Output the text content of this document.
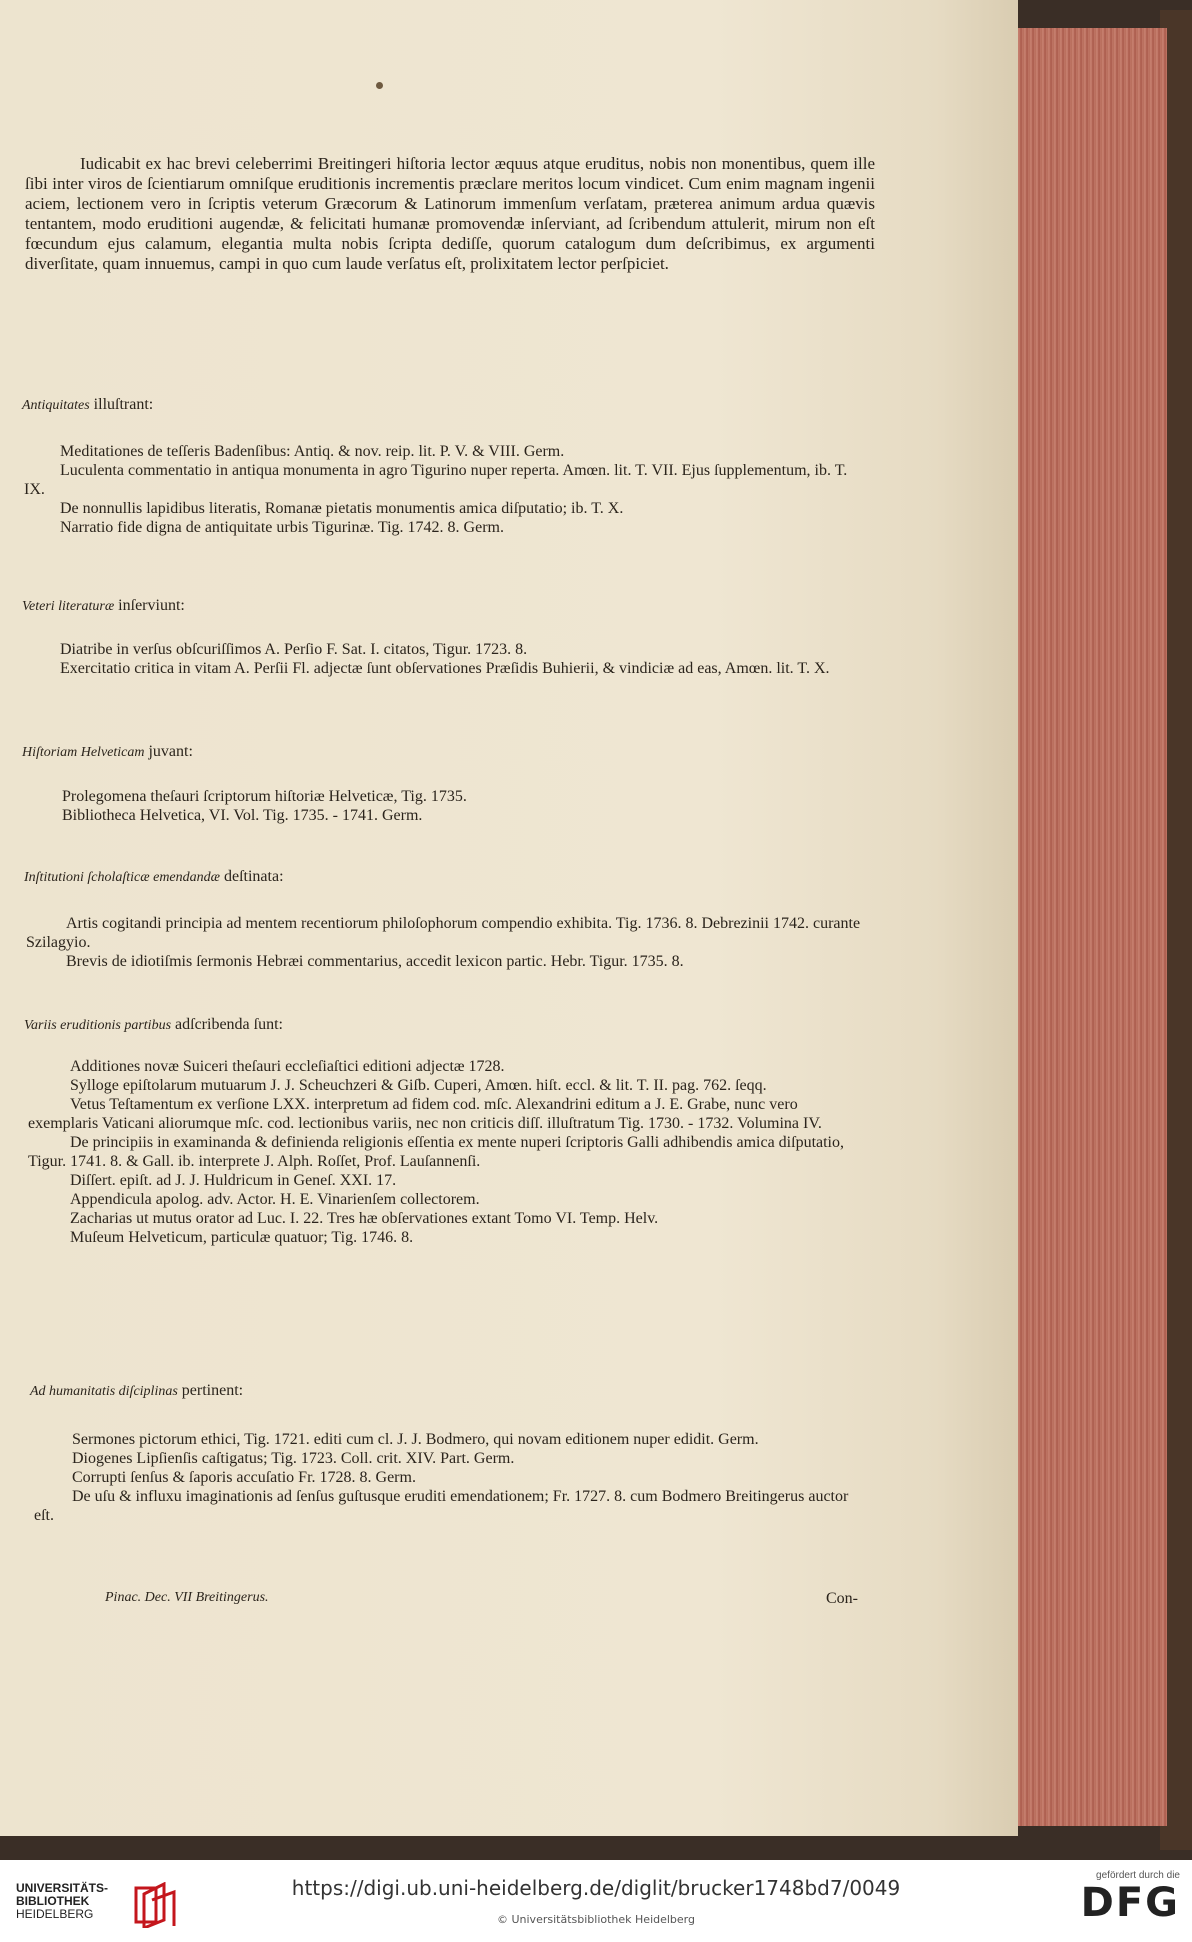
Iudicabit ex hac brevi celeberrimi Breitingeri hiſtoria lector æquus atque eruditus, nobis non monentibus, quem ille ſibi inter viros de ſcientiarum omniſque eruditionis incrementis præclare meritos locum vindicet. Cum enim magnam ingenii aciem, lectionem vero in ſcriptis veterum Græcorum & Latinorum immenſum verſatam, præterea animum ardua quævis tentantem, modo eruditioni augendæ, & felicitati humanæ promovendæ inſerviant, ad ſcribendum attulerit, mirum non eſt fœcundum ejus calamum, elegantia multa nobis ſcripta dediſſe, quorum catalogum dum deſcribimus, ex argumenti diverſitate, quam innuemus, campi in quo cum laude verſatus eſt, prolixitatem lector perſpiciet.
Antiquitates illuſtrant:

Meditationes de teſſeris Badenſibus: Antiq. & nov. reip. lit. P. V. & VIII. Germ.

Luculenta commentatio in antiqua monumenta in agro Tigurino nuper reperta. Amœn. lit. T. VII. Ejus ſupplementum, ib. T. IX.

De nonnullis lapidibus literatis, Romanæ pietatis monumentis amica diſputatio; ib. T. X.

Narratio fide digna de antiquitate urbis Tigurinæ. Tig. 1742. 8. Germ.

Veteri literaturæ inſerviunt:

Diatribe in verſus obſcuriſſimos A. Perſio F. Sat. I. citatos, Tigur. 1723. 8.

Exercitatio critica in vitam A. Perſii Fl. adjectæ ſunt obſervationes Præſidis Buhierii, & vindiciæ ad eas, Amœn. lit. T. X.

Hiſtoriam Helveticam juvant:

Prolegomena theſauri ſcriptorum hiſtoriæ Helveticæ, Tig. 1735.

Bibliotheca Helvetica, VI. Vol. Tig. 1735. - 1741. Germ.

Inſtitutioni ſcholaſticæ emendandæ deſtinata:

Artis cogitandi principia ad mentem recentiorum philoſophorum compendio exhibita. Tig. 1736. 8. Debrezinii 1742. curante Szilagyio.

Brevis de idiotiſmis ſermonis Hebræi commentarius, accedit lexicon partic. Hebr. Tigur. 1735. 8.

Variis eruditionis partibus adſcribenda ſunt:

Additiones novæ Suiceri theſauri eccleſiaſtici editioni adjectæ 1728.

Sylloge epiſtolarum mutuarum J. J. Scheuchzeri & Giſb. Cuperi, Amœn. hiſt. eccl. & lit. T. II. pag. 762. ſeqq.

Vetus Teſtamentum ex verſione LXX. interpretum ad fidem cod. mſc. Alexandrini editum a J. E. Grabe, nunc vero exemplaris Vaticani aliorumque mſc. cod. lectionibus variis, nec non criticis diſſ. illuſtratum Tig. 1730. - 1732. Volumina IV.

De principiis in examinanda & definienda religionis eſſentia ex mente nuperi ſcriptoris Galli adhibendis amica diſputatio, Tigur. 1741. 8. & Gall. ib. interprete J. Alph. Roſſet, Prof. Lauſannenſi.

Diſſert. epiſt. ad J. J. Huldricum in Geneſ. XXI. 17.

Appendicula apolog. adv. Actor. H. E. Vinarienſem collectorem.

Zacharias ut mutus orator ad Luc. I. 22. Tres hæ obſervationes extant Tomo VI. Temp. Helv.

Muſeum Helveticum, particulæ quatuor; Tig. 1746. 8.

Ad humanitatis diſciplinas pertinent:

Sermones pictorum ethici, Tig. 1721. editi cum cl. J. J. Bodmero, qui novam editionem nuper edidit. Germ.

Diogenes Lipſienſis caſtigatus; Tig. 1723. Coll. crit. XIV. Part. Germ.

Corrupti ſenſus & ſaporis accuſatio Fr. 1728. 8. Germ.

De uſu & influxu imaginationis ad ſenſus guſtusque eruditi emendationem; Fr. 1727. 8. cum Bodmero Breitingerus auctor eſt.

Pinac. Dec. VII Breitingerus.	Con-
UNIVERSITÄTS-
BIBLIOTHEK
HEIDELBERG
https://digi.ub.uni-heidelberg.de/diglit/brucker1748bd7/0049
© Universitätsbibliothek Heidelberg
gefördert durch die
DFG
